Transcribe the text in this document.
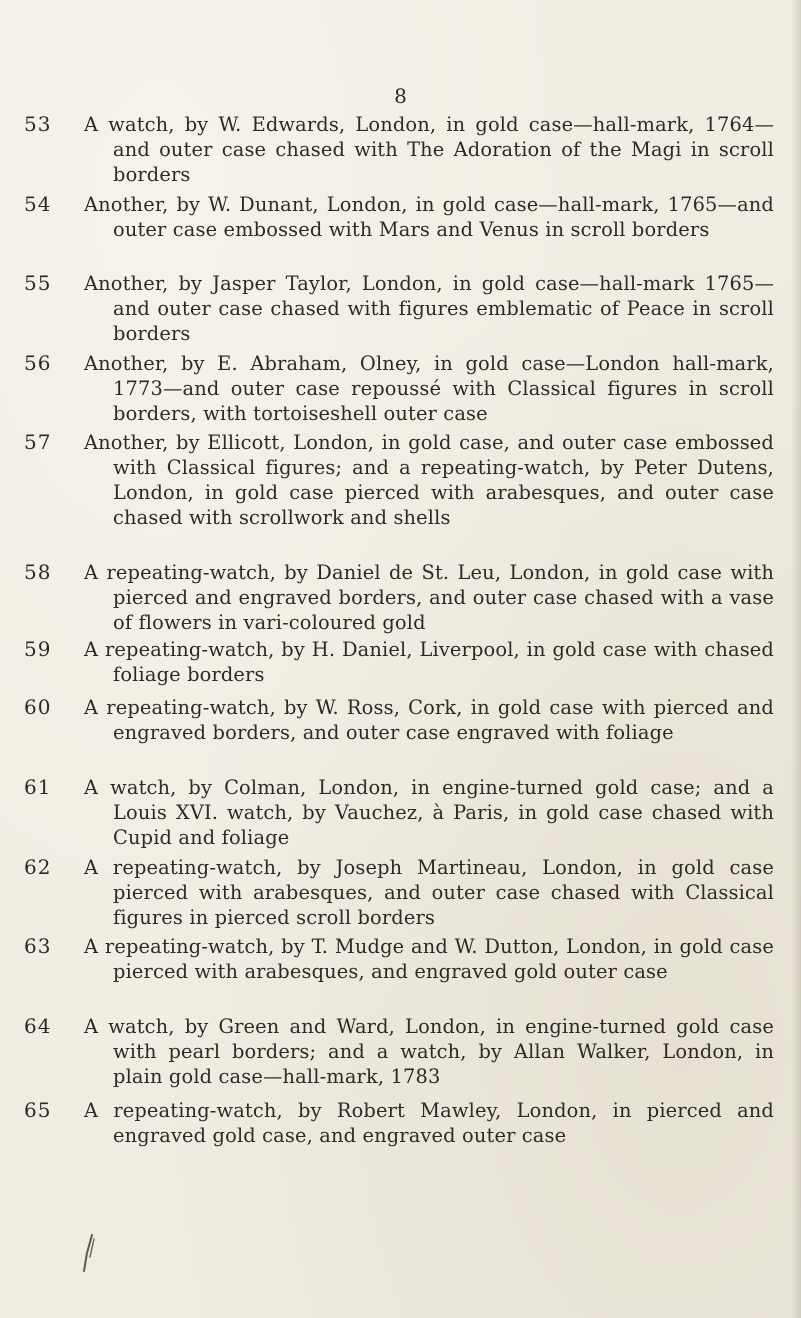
8
53	A watch, by W. Edwards, London, in gold case—hall-mark, 1764—and outer case chased with The Adoration of the Magi in scroll borders

54	Another, by W. Dunant, London, in gold case—hall-mark, 1765—and outer case embossed with Mars and Venus in scroll borders

55	Another, by Jasper Taylor, London, in gold case—hall-mark 1765—and outer case chased with figures emblematic of Peace in scroll borders

56	Another, by E. Abraham, Olney, in gold case—London hall-mark, 1773—and outer case repoussé with Classical figures in scroll borders, with tortoiseshell outer case

57	Another, by Ellicott, London, in gold case, and outer case embossed with Classical figures; and a repeating-watch, by Peter Dutens, London, in gold case pierced with arabesques, and outer case chased with scrollwork and shells

58	A repeating-watch, by Daniel de St. Leu, London, in gold case with pierced and engraved borders, and outer case chased with a vase of flowers in vari-coloured gold

59	A repeating-watch, by H. Daniel, Liverpool, in gold case with chased foliage borders

60	A repeating-watch, by W. Ross, Cork, in gold case with pierced and engraved borders, and outer case engraved with foliage

61	A watch, by Colman, London, in engine-turned gold case; and a Louis XVI. watch, by Vauchez, à Paris, in gold case chased with Cupid and foliage

62	A repeating-watch, by Joseph Martineau, London, in gold case pierced with arabesques, and outer case chased with Classical figures in pierced scroll borders

63	A repeating-watch, by T. Mudge and W. Dutton, London, in gold case pierced with arabesques, and engraved gold outer case

64	A watch, by Green and Ward, London, in engine-turned gold case with pearl borders; and a watch, by Allan Walker, London, in plain gold case—hall-mark, 1783

65	A repeating-watch, by Robert Mawley, London, in pierced and engraved gold case, and engraved outer case
